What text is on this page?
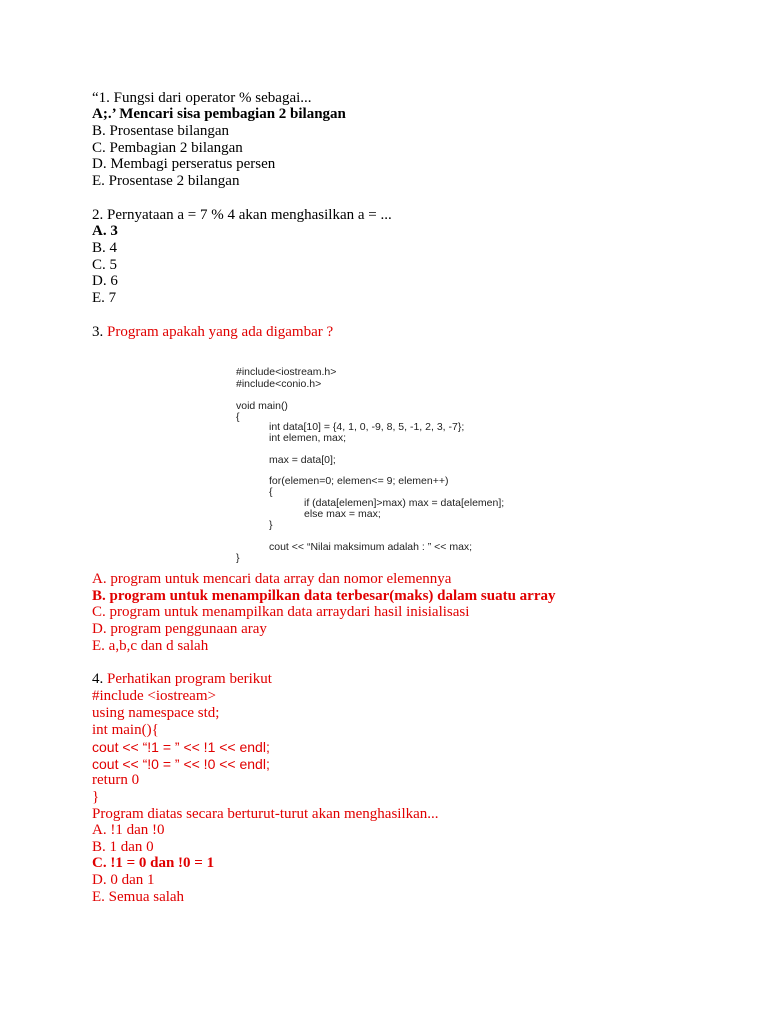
“1. Fungsi dari operator % sebagai...
A;.’ Mencari sisa pembagian 2 bilangan
B. Prosentase bilangan
C. Pembagian 2 bilangan
D. Membagi perseratus persen
E. Prosentase 2 bilangan
2. Pernyataan a = 7 % 4 akan menghasilkan a = ...
A. 3
B. 4
C. 5
D. 6
E. 7
3. Program apakah yang ada digambar ?
#include<iostream.h>
#include<conio.h>
void main()
{
int data[10] = {4, 1, 0, -9, 8, 5, -1, 2, 3, -7};
int elemen, max;
max = data[0];
for(elemen=0; elemen<= 9; elemen++)
{
if (data[elemen]>max) max = data[elemen];
else max = max;
}
cout << “Nilai maksimum adalah : ” << max;
}
A. program untuk mencari data array dan nomor elemennya
B. program untuk menampilkan data terbesar(maks) dalam suatu array
C. program untuk menampilkan data arraydari hasil inisialisasi
D. program penggunaan aray
E. a,b,c dan d salah
4. Perhatikan program berikut
#include <iostream>
using namespace std;
int main(){
cout << “!1 = ” << !1 << endl;
cout << “!0 = ” << !0 << endl;
return 0
}
Program diatas secara berturut-turut akan menghasilkan...
A. !1 dan !0
B. 1 dan 0
C. !1 = 0 dan !0 = 1
D. 0 dan 1
E. Semua salah
